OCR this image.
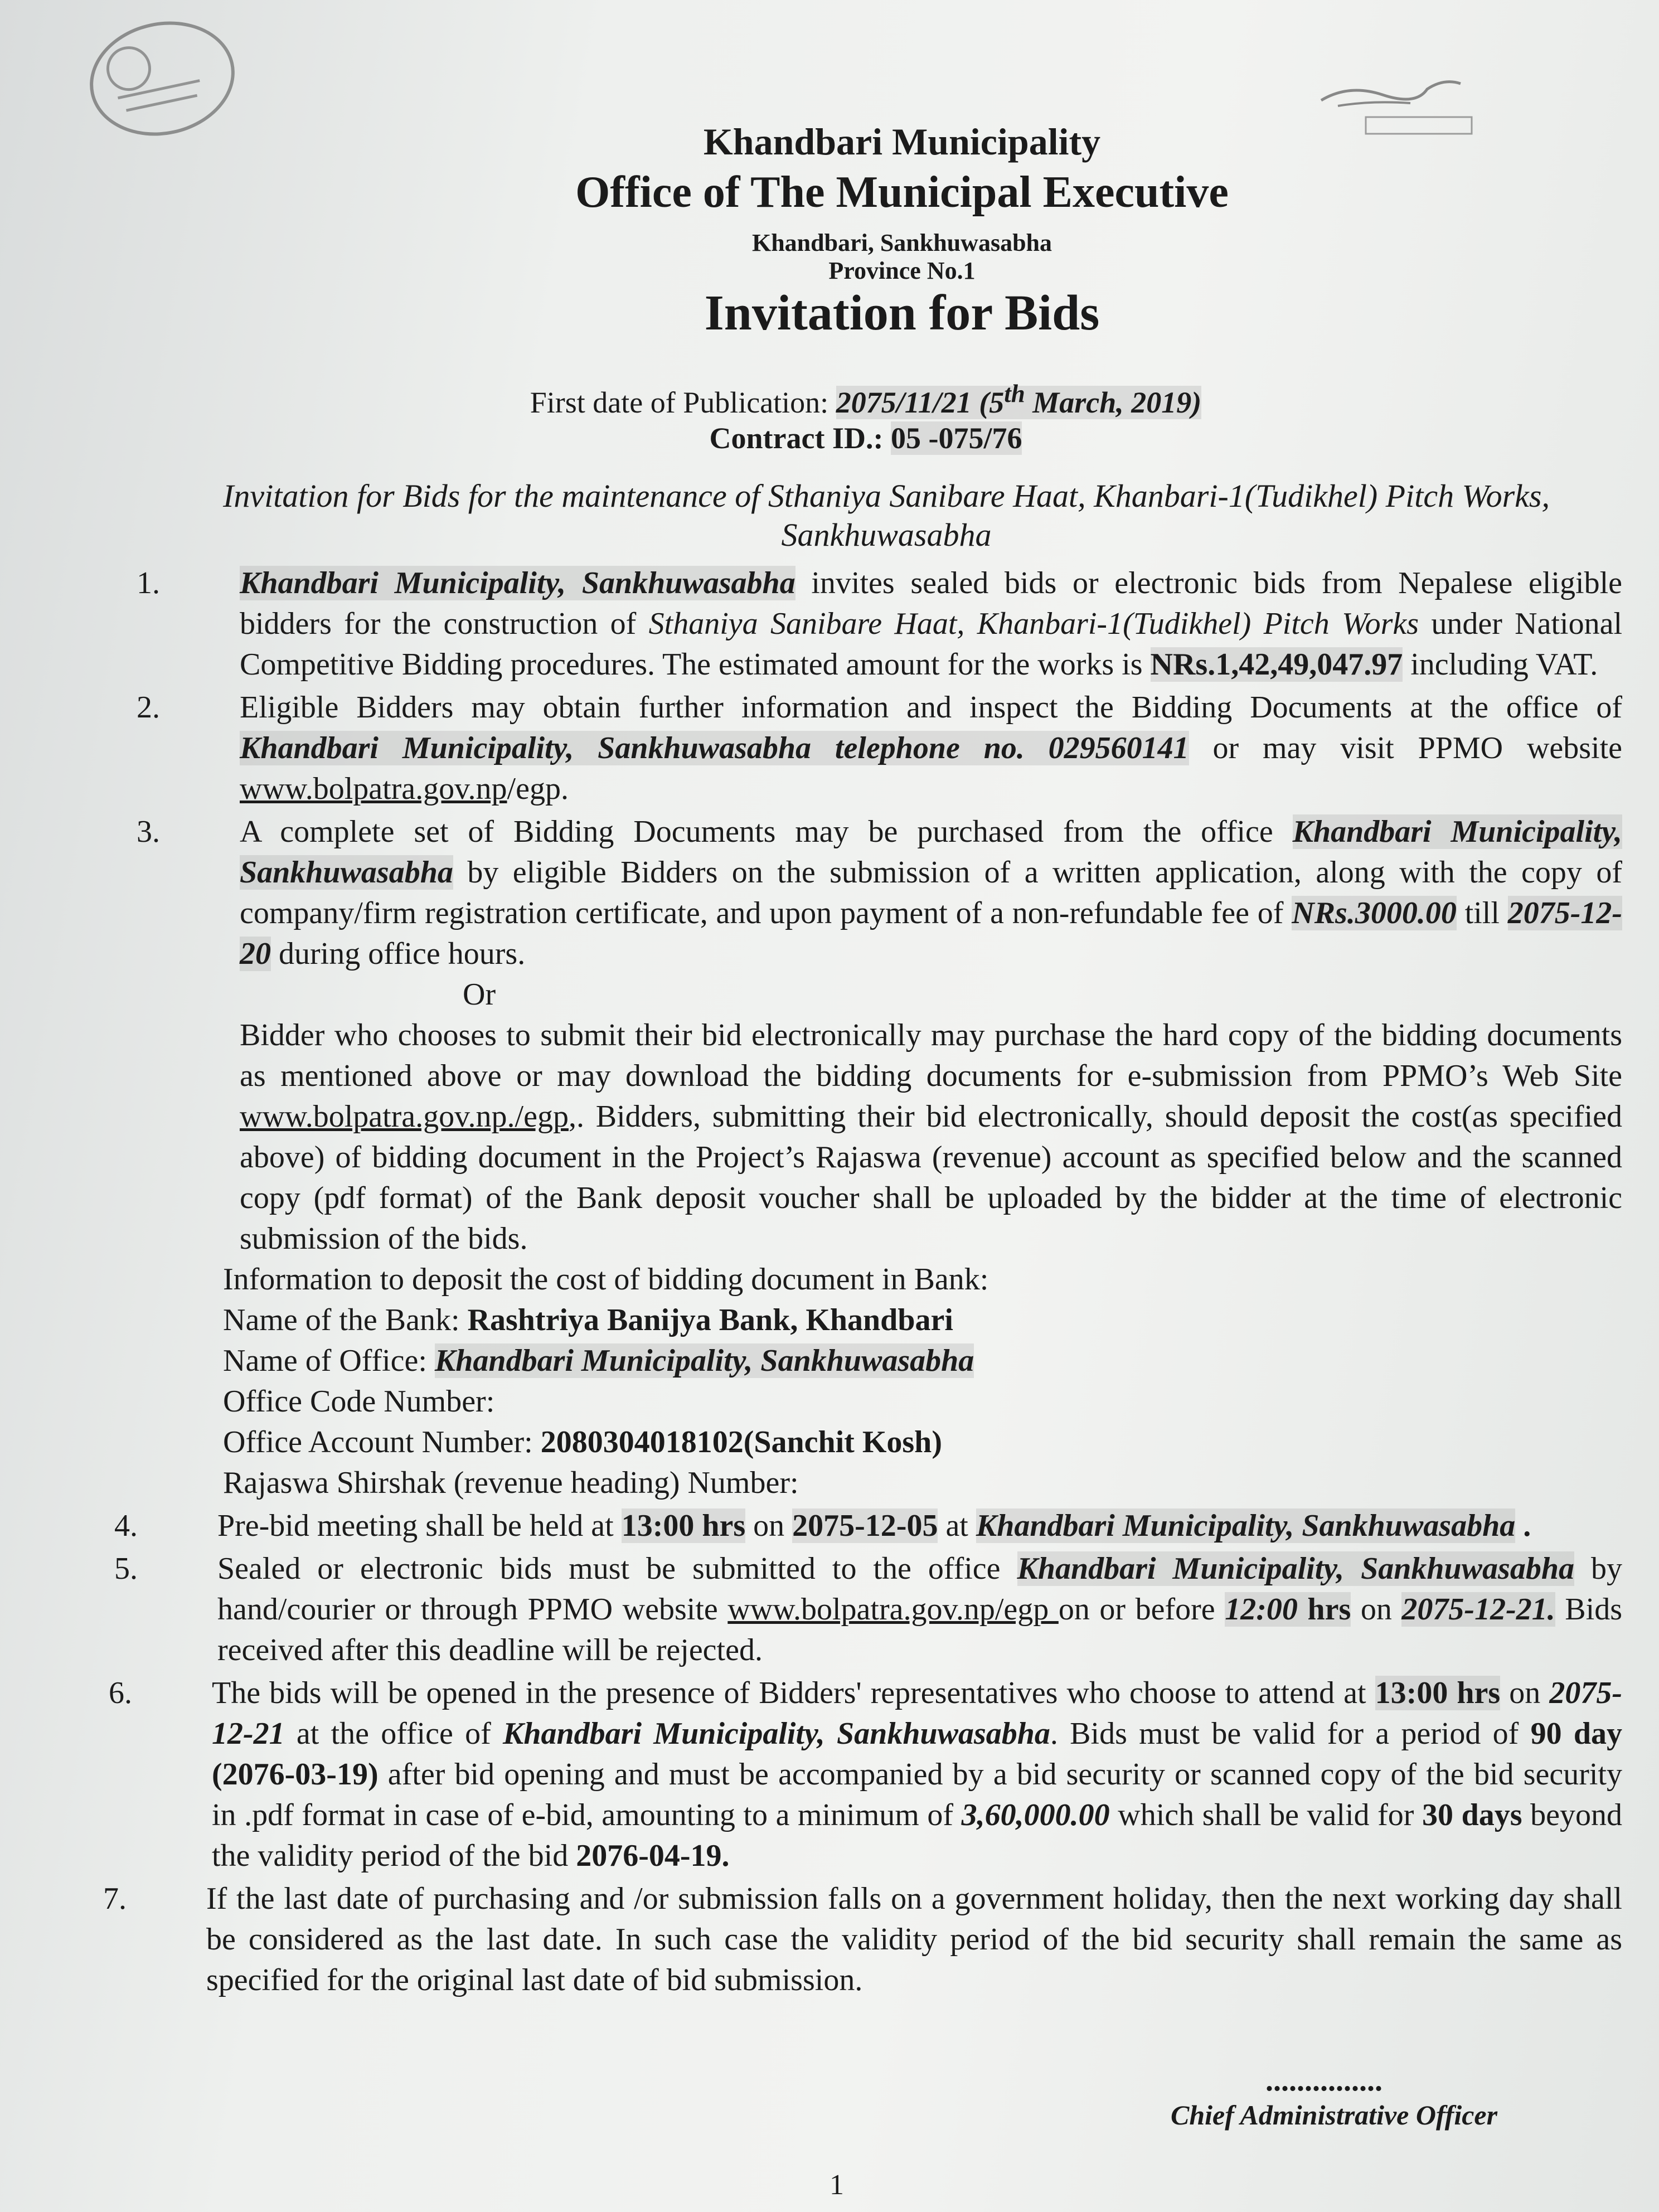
Khandbari Municipality
Office of The Municipal Executive
Khandbari, Sankhuwasabha
Province No.1
Invitation for Bids
First date of Publication: 2075/11/21 (5th March, 2019)
Contract ID.: 05 -075/76
Invitation for Bids for the maintenance of Sthaniya Sanibare Haat, Khanbari-1(Tudikhel) Pitch Works, Sankhuwasabha
1.	Khandbari Municipality, Sankhuwasabha invites sealed bids or electronic bids from Nepalese eligible bidders for the construction of Sthaniya Sanibare Haat, Khanbari-1(Tudikhel) Pitch Works under National Competitive Bidding procedures. The estimated amount for the works is NRs.1,42,49,047.97 including VAT.
2.	Eligible Bidders may obtain further information and inspect the Bidding Documents at the office of Khandbari Municipality, Sankhuwasabha telephone no. 029560141 or may visit PPMO website www.bolpatra.gov.np/egp.
3.	A complete set of Bidding Documents may be purchased from the office Khandbari Municipality, Sankhuwasabha by eligible Bidders on the submission of a written application, along with the copy of company/firm registration certificate, and upon payment of a non-refundable fee of NRs.3000.00 till 2075-12-20 during office hours.
Or
Bidder who chooses to submit their bid electronically may purchase the hard copy of the bidding documents as mentioned above or may download the bidding documents for e-submission from PPMO’s Web Site www.bolpatra.gov.np./egp,. Bidders, submitting their bid electronically, should deposit the cost(as specified above) of bidding document in the Project’s Rajaswa (revenue) account as specified below and the scanned copy (pdf format) of the Bank deposit voucher shall be uploaded by the bidder at the time of electronic submission of the bids.
Information to deposit the cost of bidding document in Bank:
Name of the Bank: Rashtriya Banijya Bank, Khandbari
Name of Office: Khandbari Municipality, Sankhuwasabha
Office Code Number:
Office Account Number: 2080304018102(Sanchit Kosh)
Rajaswa Shirshak (revenue heading) Number:
4.	Pre-bid meeting shall be held at 13:00 hrs on 2075-12-05 at Khandbari Municipality, Sankhuwasabha .
5.	Sealed or electronic bids must be submitted to the office Khandbari Municipality, Sankhuwasabha by hand/courier or through PPMO website www.bolpatra.gov.np/egp on or before 12:00 hrs on 2075-12-21. Bids received after this deadline will be rejected.
6.	The bids will be opened in the presence of Bidders' representatives who choose to attend at 13:00 hrs on 2075-12-21 at the office of Khandbari Municipality, Sankhuwasabha. Bids must be valid for a period of 90 day (2076-03-19) after bid opening and must be accompanied by a bid security or scanned copy of the bid security in .pdf format in case of e-bid, amounting to a minimum of 3,60,000.00 which shall be valid for 30 days beyond the validity period of the bid 2076-04-19.
7.	If the last date of purchasing and /or submission falls on a government holiday, then the next working day shall be considered as the last date. In such case the validity period of the bid security shall remain the same as specified for the original last date of bid submission.
...............
Chief Administrative Officer
1
